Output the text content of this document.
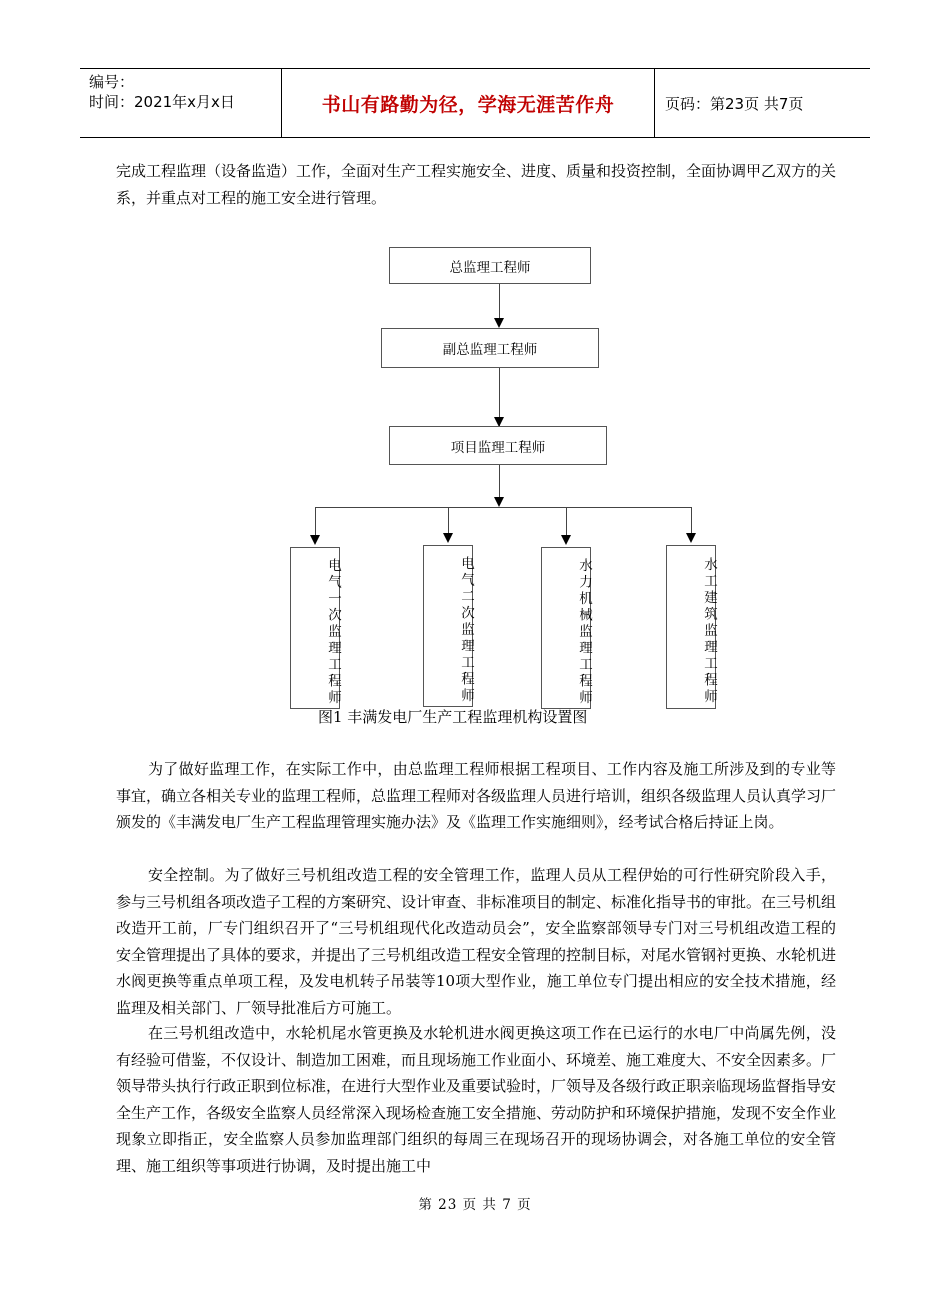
编号：
时间：2021年x月x日	书山有路勤为径，学海无涯苦作舟	页码：第23页 共7页
完成工程监理（设备监造）工作，全面对生产工程实施安全、进度、质量和投资控制，全面协调甲乙双方的关系，并重点对工程的施工安全进行管理。
总监理工程师
副总监理工程师
项目监理工程师
电气一次监理工程师	电气二次监理工程师	水力机械监理工程师	水工建筑监理工程师
图1 丰满发电厂生产工程监理机构设置图
为了做好监理工作，在实际工作中，由总监理工程师根据工程项目、工作内容及施工所涉及到的专业等事宜，确立各相关专业的监理工程师，总监理工程师对各级监理人员进行培训，组织各级监理人员认真学习厂颁发的《丰满发电厂生产工程监理管理实施办法》及《监理工作实施细则》，经考试合格后持证上岗。
安全控制。为了做好三号机组改造工程的安全管理工作，监理人员从工程伊始的可行性研究阶段入手，参与三号机组各项改造子工程的方案研究、设计审查、非标准项目的制定、标准化指导书的审批。在三号机组改造开工前，厂专门组织召开了“三号机组现代化改造动员会”，安全监察部领导专门对三号机组改造工程的安全管理提出了具体的要求，并提出了三号机组改造工程安全管理的控制目标，对尾水管钢衬更换、水轮机进水阀更换等重点单项工程，及发电机转子吊装等10项大型作业，施工单位专门提出相应的安全技术措施，经监理及相关部门、厂领导批准后方可施工。
在三号机组改造中，水轮机尾水管更换及水轮机进水阀更换这项工作在已运行的水电厂中尚属先例，没有经验可借鉴，不仅设计、制造加工困难，而且现场施工作业面小、环境差、施工难度大、不安全因素多。厂领导带头执行行政正职到位标准，在进行大型作业及重要试验时，厂领导及各级行政正职亲临现场监督指导安全生产工作，各级安全监察人员经常深入现场检查施工安全措施、劳动防护和环境保护措施，发现不安全作业现象立即指正，安全监察人员参加监理部门组织的每周三在现场召开的现场协调会，对各施工单位的安全管理、施工组织等事项进行协调，及时提出施工中
第 23 页 共 7 页
